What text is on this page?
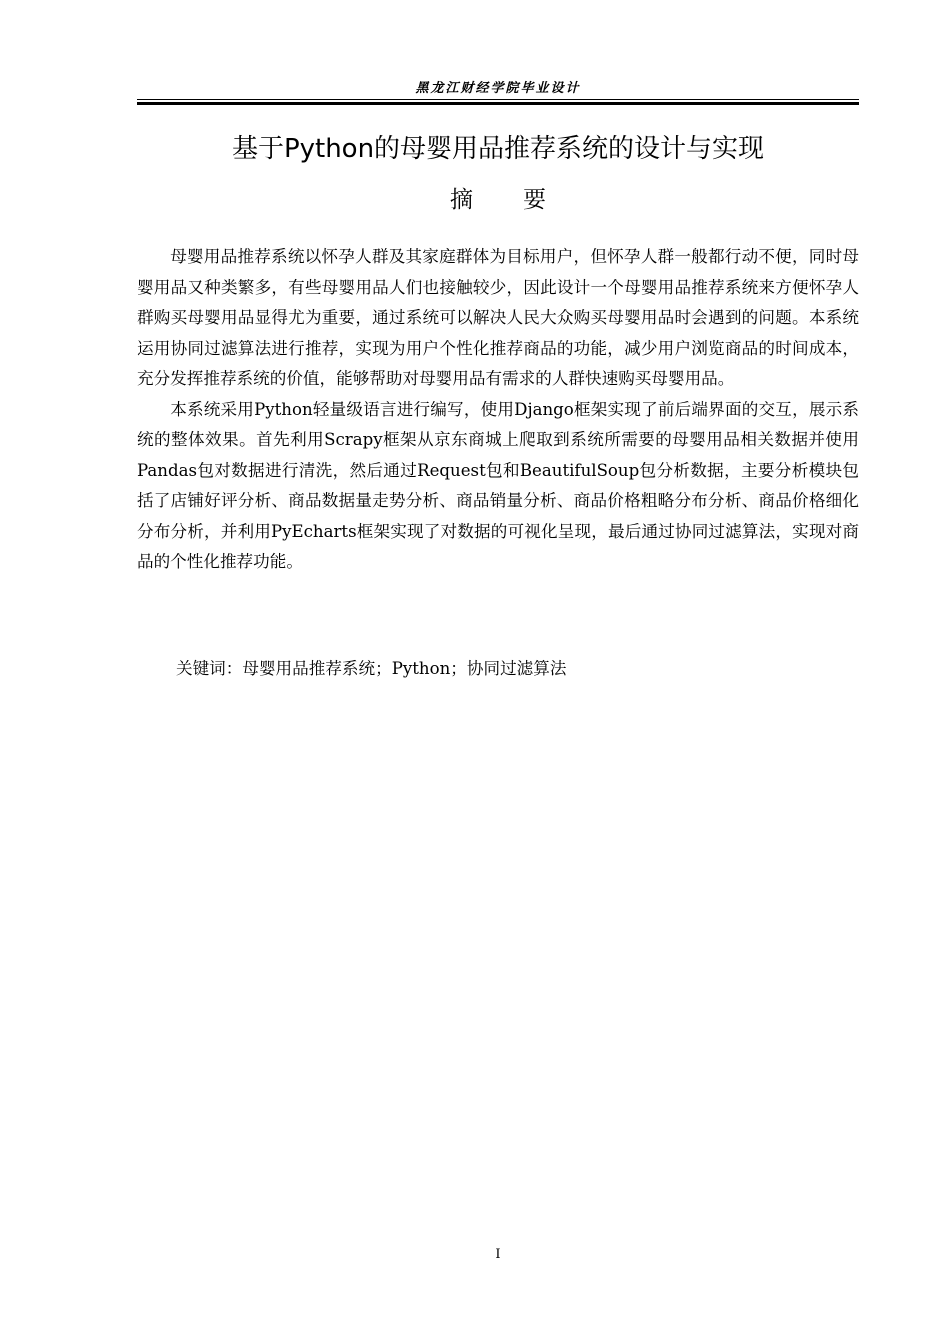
黑龙江财经学院毕业设计
基于Python的母婴用品推荐系统的设计与实现
摘 要

母婴用品推荐系统以怀孕人群及其家庭群体为目标用户，但怀孕人群一般都行动不便，同时母婴用品又种类繁多，有些母婴用品人们也接触较少，因此设计一个母婴用品推荐系统来方便怀孕人群购买母婴用品显得尤为重要，通过系统可以解决人民大众购买母婴用品时会遇到的问题。本系统运用协同过滤算法进行推荐，实现为用户个性化推荐商品的功能，减少用户浏览商品的时间成本，充分发挥推荐系统的价值，能够帮助对母婴用品有需求的人群快速购买母婴用品。

本系统采用Python轻量级语言进行编写，使用Django框架实现了前后端界面的交互，展示系统的整体效果。首先利用Scrapy框架从京东商城上爬取到系统所需要的母婴用品相关数据并使用Pandas包对数据进行清洗，然后通过Request包和BeautifulSoup包分析数据，主要分析模块包括了店铺好评分析、商品数据量走势分析、商品销量分析、商品价格粗略分布分析、商品价格细化分布分析，并利用PyEcharts框架实现了对数据的可视化呈现，最后通过协同过滤算法，实现对商品的个性化推荐功能。

关键词：母婴用品推荐系统；Python；协同过滤算法
I
